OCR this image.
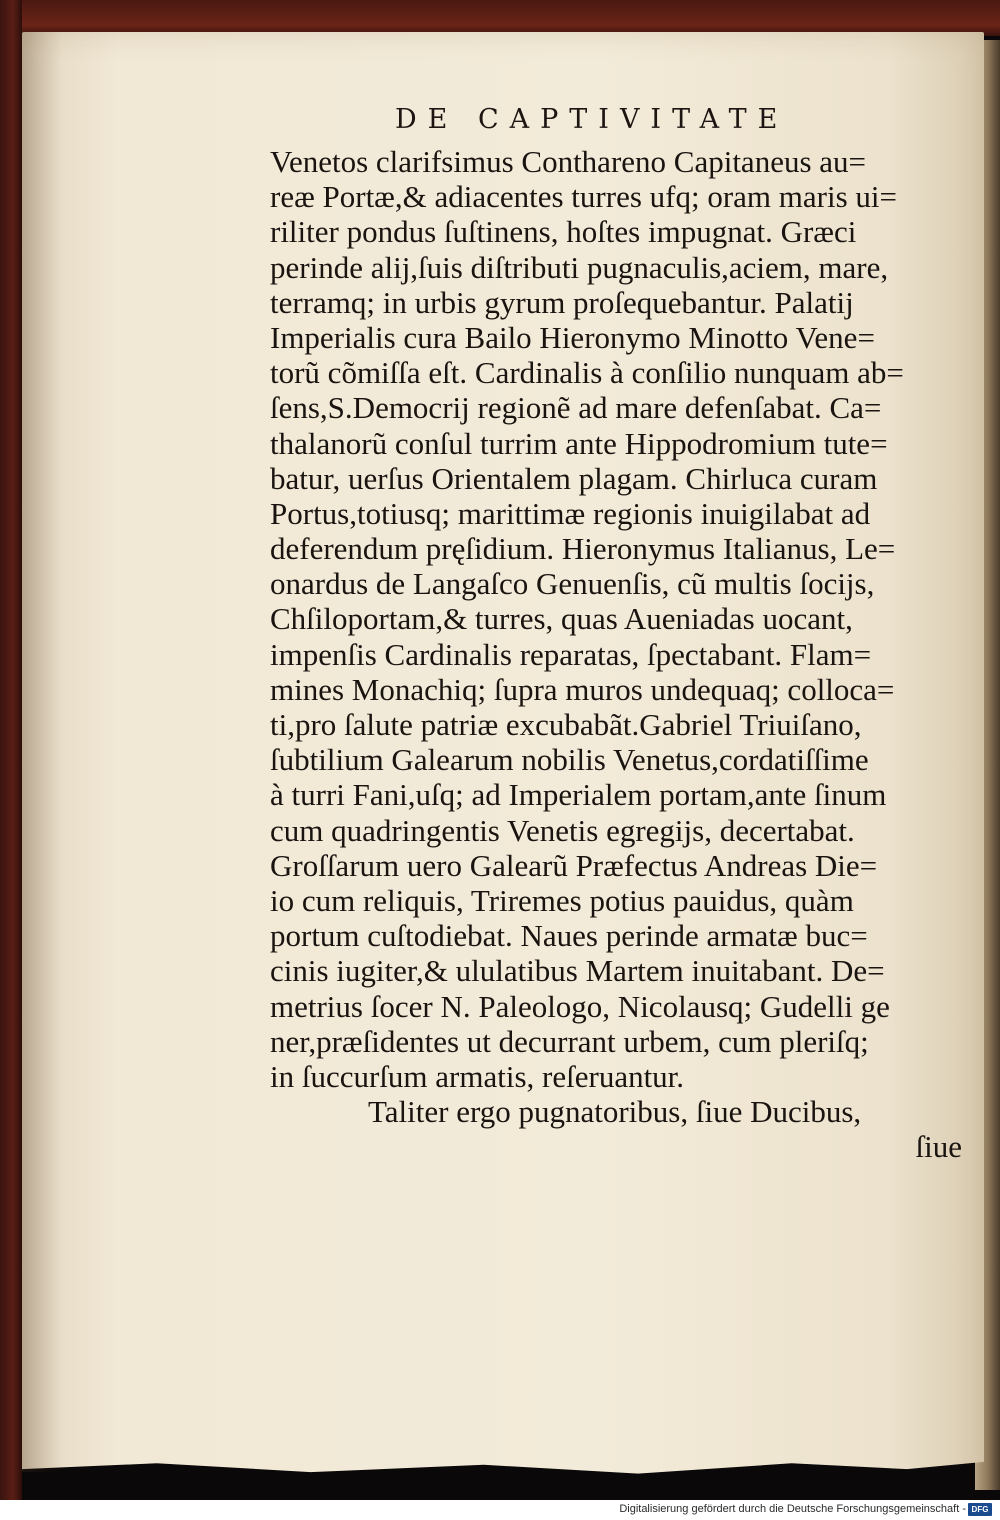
DE CAPTIVITATE
Venetos clarifsimus Conthareno Capitaneus au=
reæ Portæ,& adiacentes turres ufq; oram maris ui=
riliter pondus ſuſtinens, hoſtes impugnat. Græci
perinde alij,ſuis diſtributi pugnaculis,aciem, mare,
terramq; in urbis gyrum proſequebantur. Palatij
Imperialis cura Bailo Hieronymo Minotto Vene=
torũ cõmiſſa eſt. Cardinalis à conſilio nunquam ab=
ſens,S.Democrij regionẽ ad mare defenſabat. Ca=
thalanorũ conſul turrim ante Hippodromium tute=
batur, uerſus Orientalem plagam. Chirluca curam
Portus,totiusq; marittimæ regionis inuigilabat ad
deferendum pręſidium. Hieronymus Italianus, Le=
onardus de Langaſco Genuenſis, cũ multis ſocijs,
Chſiloportam,& turres, quas Aueniadas uocant,
impenſis Cardinalis reparatas, ſpectabant. Flam=
mines Monachiq; ſupra muros undequaq; colloca=
ti,pro ſalute patriæ excubabãt.Gabriel Triuiſano,
ſubtilium Galearum nobilis Venetus,cordatiſſime
à turri Fani,uſq; ad Imperialem portam,ante ſinum
cum quadringentis Venetis egregijs, decertabat.
Groſſarum uero Galearũ Præfectus Andreas Die=
io cum reliquis, Triremes potius pauidus, quàm
portum cuſtodiebat. Naues perinde armatæ buc=
cinis iugiter,& ululatibus Martem inuitabant. De=
metrius ſocer N. Paleologo, Nicolausq; Gudelli ge
ner,præſidentes ut decurrant urbem, cum pleriſq;
in ſuccurſum armatis, reſeruantur.
Taliter ergo pugnatoribus, ſiue Ducibus,
ſiue
Digitalisierung gefördert durch die Deutsche Forschungsgemeinschaft - DFG
